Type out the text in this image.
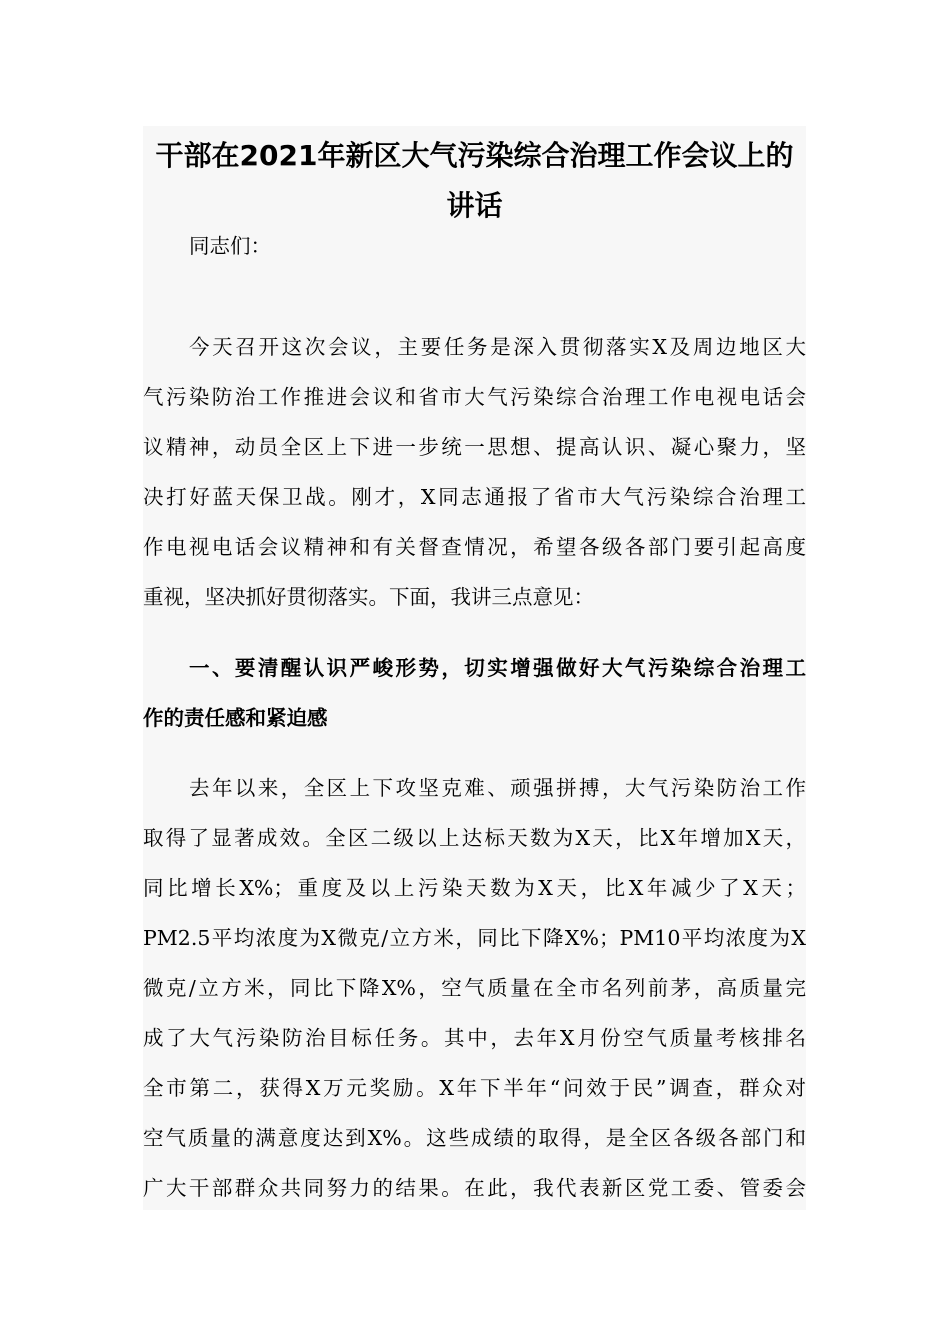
干部在2021年新区大气污染综合治理工作会议上的
讲话

同志们：

今天召开这次会议，主要任务是深入贯彻落实X及周边地区大

气污染防治工作推进会议和省市大气污染综合治理工作电视电话会

议精神，动员全区上下进一步统一思想、提高认识、凝心聚力，坚

决打好蓝天保卫战。刚才，X同志通报了省市大气污染综合治理工

作电视电话会议精神和有关督查情况，希望各级各部门要引起高度

重视，坚决抓好贯彻落实。下面，我讲三点意见：

一、要清醒认识严峻形势，切实增强做好大气污染综合治理工

作的责任感和紧迫感

去年以来，全区上下攻坚克难、顽强拼搏，大气污染防治工作

取得了显著成效。全区二级以上达标天数为X天，比X年增加X天，

同比增长X%；重度及以上污染天数为X天，比X年减少了X天；

PM2.5平均浓度为X微克/立方米，同比下降X%；PM10平均浓度为X

微克/立方米，同比下降X%，空气质量在全市名列前茅，高质量完

成了大气污染防治目标任务。其中，去年X月份空气质量考核排名

全市第二，获得X万元奖励。X年下半年“问效于民”调查，群众对

空气质量的满意度达到X%。这些成绩的取得，是全区各级各部门和

广大干部群众共同努力的结果。在此，我代表新区党工委、管委会
